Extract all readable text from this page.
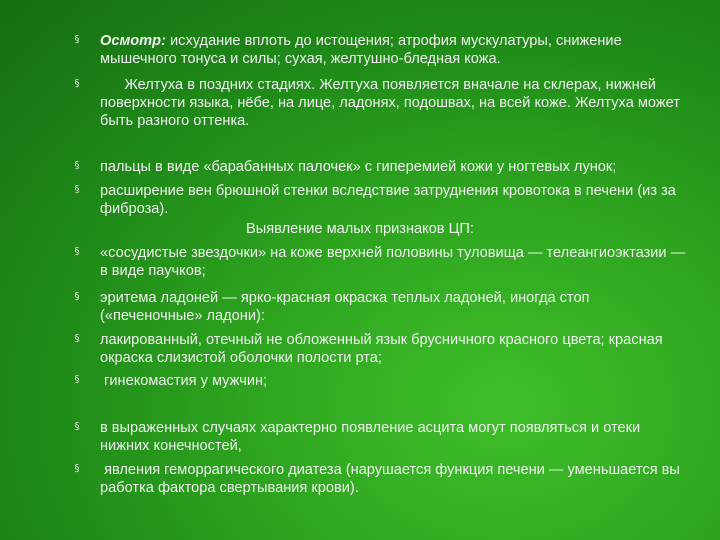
§ Осмотр: исхудание вплоть до истощения; атрофия мускулатуры, снижение мышечного тонуса и силы; сухая, желтушно-бледная кожа.
§ Желтуха в поздних стадиях. Желтуха появляется вначале на склерах, нижней поверхности языка, нёбе, на лице, ладонях, подошвах, на всей коже. Желтуха может быть разного оттенка.
§ пальцы в виде «барабанных палочек» с гиперемией кожи у ногтевых лунок;
§ расширение вен брюшной стенки вследствие затруднения кровотока в печени (из за фиброза).
Выявление малых признаков ЦП:
§ «сосудистые звездочки» на коже верхней половины туловища — телеангиоэктазии — в виде паучков;
§ эритема ладоней — ярко-красная окраска теплых ладоней, иногда стоп («печеночные» ладони):
§ лакированный, отечный не обложенный язык брусничного красного цвета; красная окраска слизистой оболочки полости рта;
§ гинекомастия у мужчин;
§ в выраженных случаях характерно появление асцита могут появляться и отеки нижних конечностей,
§ явления геморрагического диатеза (нарушается функция печени — уменьшается вы работка фактора свертывания крови).
